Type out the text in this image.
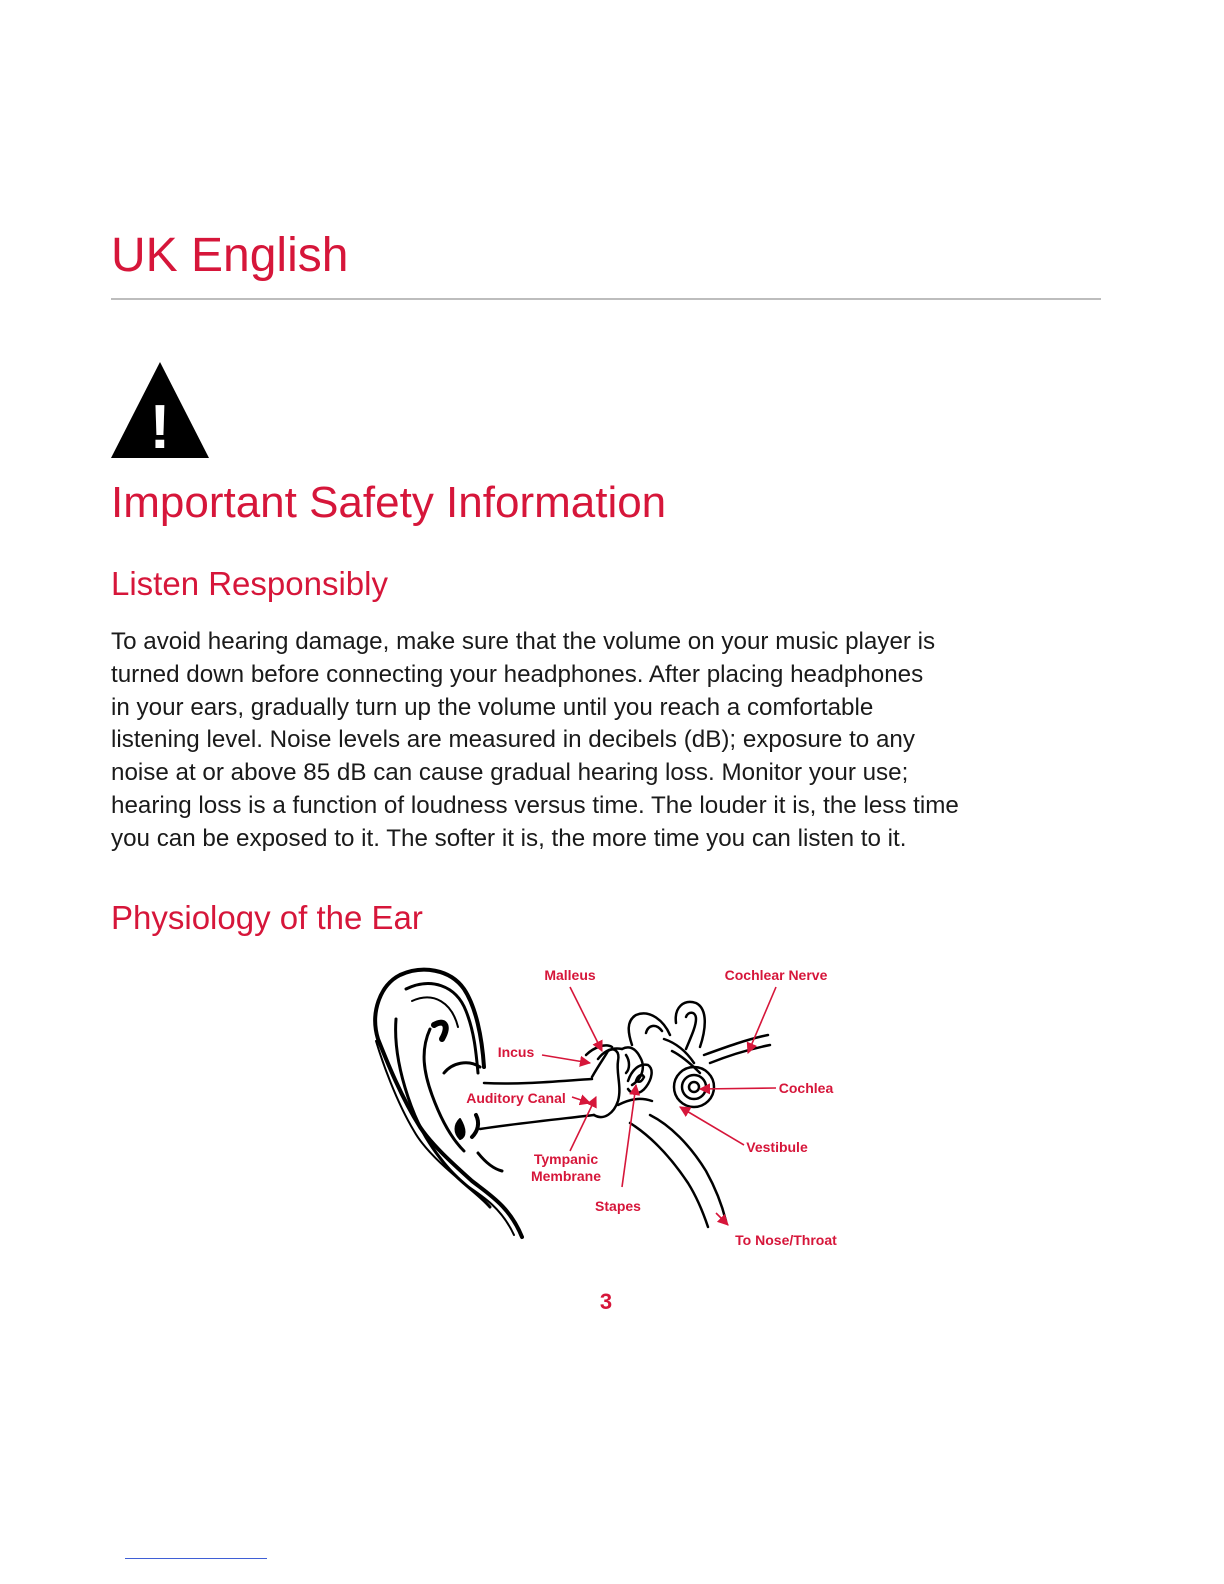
UK English
!
Important Safety Information
Listen Responsibly

To avoid hearing damage, make sure that the volume on your music player is
turned down before connecting your headphones. After placing headphones
in your ears, gradually turn up the volume until you reach a comfortable
listening level. Noise levels are measured in decibels (dB); exposure to any
noise at or above 85 dB can cause gradual hearing loss. Monitor your use;
hearing loss is a function of loudness versus time. The louder it is, the less time
you can be exposed to it. The softer it is, the more time you can listen to it.

Physiology of the Ear
Malleus	Cochlear Nerve
Incus
Auditory Canal
Cochlea
Vestibule
Tympanic
Membrane
Stapes
To Nose/Throat
3
